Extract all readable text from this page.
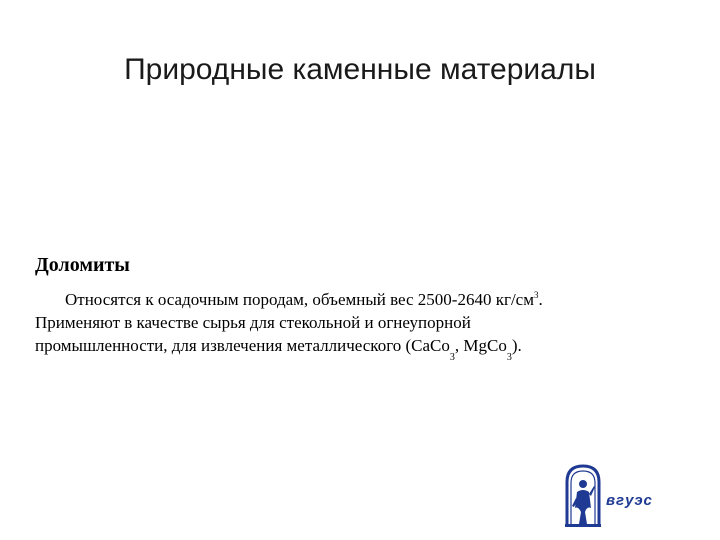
Природные каменные материалы
Доломиты

Относятся к осадочным породам, объемный вес 2500-2640 $кг/см^3$.
Применяют в качестве сырья для стекольной и огнеупорной
промышленности, для извлечения металлического (CaCo$_3$, MgCo$_3$).

вгуэс
